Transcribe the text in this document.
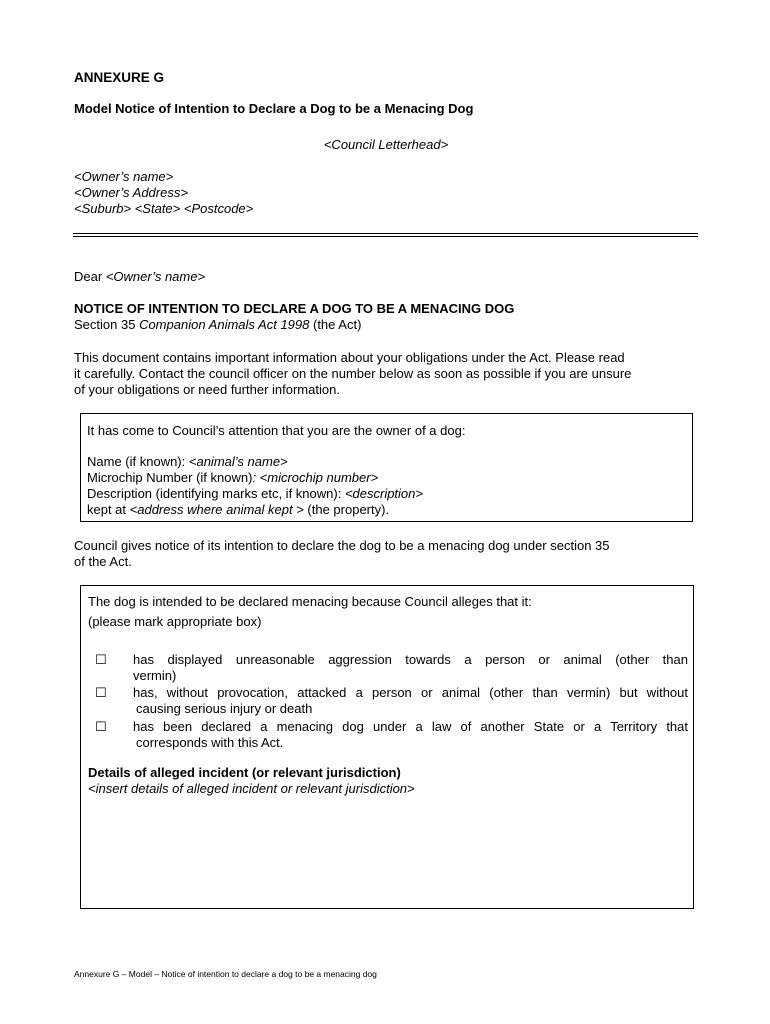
ANNEXURE G
Model Notice of Intention to Declare a Dog to be a Menacing Dog
<Council Letterhead>
<Owner’s name>
<Owner’s Address>
<Suburb> <State> <Postcode>
Dear <Owner’s name>
NOTICE OF INTENTION TO DECLARE A DOG TO BE A MENACING DOG
Section 35 Companion Animals Act 1998 (the Act)
This document contains important information about your obligations under the Act. Please read
it carefully. Contact the council officer on the number below as soon as possible if you are unsure
of your obligations or need further information.
It has come to Council’s attention that you are the owner of a dog:
Name (if known): <animal’s name>
Microchip Number (if known): <microchip number>
Description (identifying marks etc, if known): <description>
kept at <address where animal kept > (the property).
Council gives notice of its intention to declare the dog to be a menacing dog under section 35
of the Act.
The dog is intended to be declared menacing because Council alleges that it:
(please mark appropriate box)
☐ has displayed unreasonable aggression towards a person or animal (other than
vermin)
☐ has, without provocation, attacked a person or animal (other than vermin) but without
causing serious injury or death
☐ has been declared a menacing dog under a law of another State or a Territory that
corresponds with this Act.
Details of alleged incident (or relevant jurisdiction)
<insert details of alleged incident or relevant jurisdiction>
Annexure G – Model – Notice of intention to declare a dog to be a menacing dog
